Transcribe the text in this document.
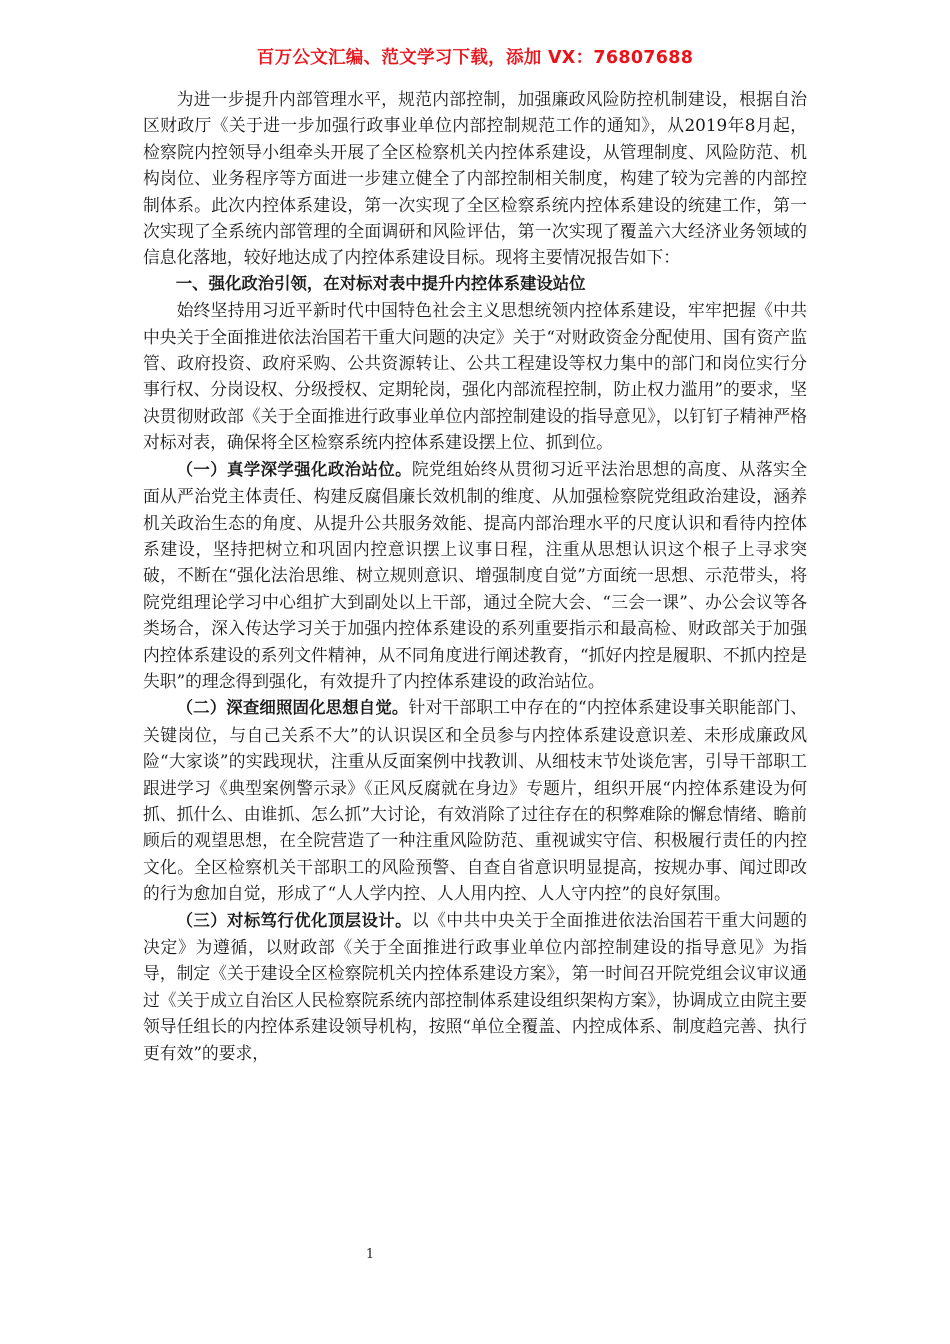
百万公文汇编、范文学习下载，添加 VX：76807688

为进一步提升内部管理水平，规范内部控制，加强廉政风险防控机制建设，根据自治区财政厅《关于进一步加强行政事业单位内部控制规范工作的通知》，从2019年8月起，检察院内控领导小组牵头开展了全区检察机关内控体系建设，从管理制度、风险防范、机构岗位、业务程序等方面进一步建立健全了内部控制相关制度，构建了较为完善的内部控制体系。此次内控体系建设，第一次实现了全区检察系统内控体系建设的统建工作，第一次实现了全系统内部管理的全面调研和风险评估，第一次实现了覆盖六大经济业务领域的信息化落地，较好地达成了内控体系建设目标。现将主要情况报告如下：

一、强化政治引领，在对标对表中提升内控体系建设站位

始终坚持用习近平新时代中国特色社会主义思想统领内控体系建设，牢牢把握《中共中央关于全面推进依法治国若干重大问题的决定》关于“对财政资金分配使用、国有资产监管、政府投资、政府采购、公共资源转让、公共工程建设等权力集中的部门和岗位实行分事行权、分岗设权、分级授权、定期轮岗，强化内部流程控制，防止权力滥用”的要求，坚决贯彻财政部《关于全面推进行政事业单位内部控制建设的指导意见》，以钉钉子精神严格对标对表，确保将全区检察系统内控体系建设摆上位、抓到位。

（一）真学深学强化政治站位。院党组始终从贯彻习近平法治思想的高度、从落实全面从严治党主体责任、构建反腐倡廉长效机制的维度、从加强检察院党组政治建设，涵养机关政治生态的角度、从提升公共服务效能、提高内部治理水平的尺度认识和看待内控体系建设，坚持把树立和巩固内控意识摆上议事日程，注重从思想认识这个根子上寻求突破，不断在“强化法治思维、树立规则意识、增强制度自觉”方面统一思想、示范带头，将院党组理论学习中心组扩大到副处以上干部，通过全院大会、“三会一课”、办公会议等各类场合，深入传达学习关于加强内控体系建设的系列重要指示和最高检、财政部关于加强内控体系建设的系列文件精神，从不同角度进行阐述教育，“抓好内控是履职、不抓内控是失职”的理念得到强化，有效提升了内控体系建设的政治站位。

（二）深查细照固化思想自觉。针对干部职工中存在的“内控体系建设事关职能部门、关键岗位，与自己关系不大”的认识误区和全员参与内控体系建设意识差、未形成廉政风险“大家谈”的实践现状，注重从反面案例中找教训、从细枝末节处谈危害，引导干部职工跟进学习《典型案例警示录》《正风反腐就在身边》专题片，组织开展“内控体系建设为何抓、抓什么、由谁抓、怎么抓”大讨论，有效消除了过往存在的积弊难除的懈怠情绪、瞻前顾后的观望思想，在全院营造了一种注重风险防范、重视诚实守信、积极履行责任的内控文化。全区检察机关干部职工的风险预警、自查自省意识明显提高，按规办事、闻过即改的行为愈加自觉，形成了“人人学内控、人人用内控、人人守内控”的良好氛围。

（三）对标笃行优化顶层设计。以《中共中央关于全面推进依法治国若干重大问题的决定》为遵循，以财政部《关于全面推进行政事业单位内部控制建设的指导意见》为指导，制定《关于建设全区检察院机关内控体系建设方案》，第一时间召开院党组会议审议通过《关于成立自治区人民检察院系统内部控制体系建设组织架构方案》，协调成立由院主要领导任组长的内控体系建设领导机构，按照“单位全覆盖、内控成体系、制度趋完善、执行更有效”的要求，

1
